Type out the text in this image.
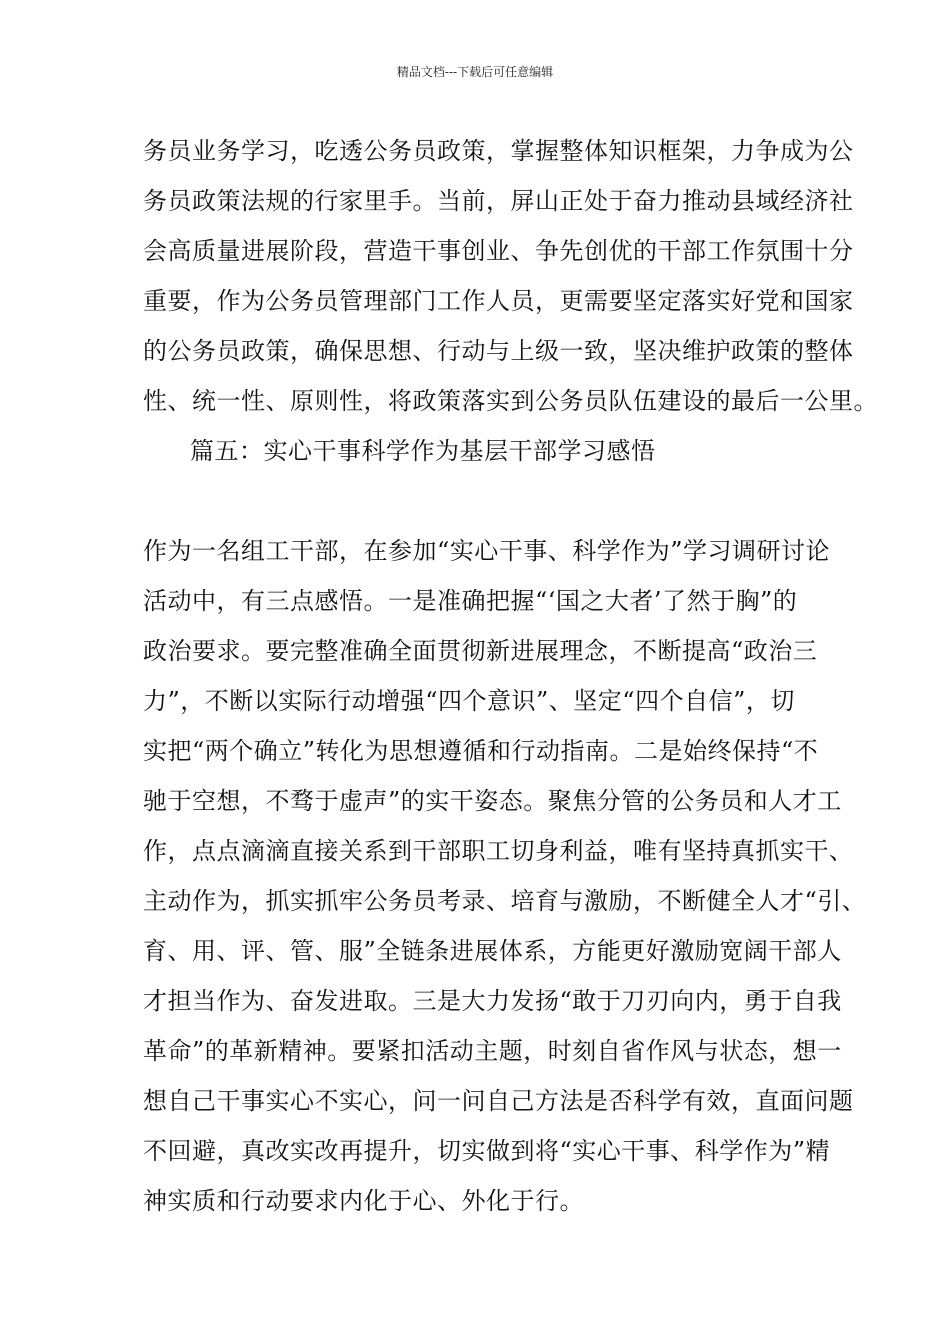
精品文档---下载后可任意编辑
务员业务学习，吃透公务员政策，掌握整体知识框架，力争成为公
务员政策法规的行家里手。当前，屏山正处于奋力推动县域经济社
会高质量进展阶段，营造干事创业、争先创优的干部工作氛围十分
重要，作为公务员管理部门工作人员，更需要坚定落实好党和国家
的公务员政策，确保思想、行动与上级一致，坚决维护政策的整体
性、统一性、原则性，将政策落实到公务员队伍建设的最后一公里。
篇五：实心干事科学作为基层干部学习感悟
作为一名组工干部，在参加“实心干事、科学作为”学习调研讨论
活动中，有三点感悟。一是准确把握“‘国之大者’了然于胸”的
政治要求。要完整准确全面贯彻新进展理念，不断提高“政治三
力”，不断以实际行动增强“四个意识”、坚定“四个自信”，切
实把“两个确立”转化为思想遵循和行动指南。二是始终保持“不
驰于空想，不骛于虚声”的实干姿态。聚焦分管的公务员和人才工
作，点点滴滴直接关系到干部职工切身利益，唯有坚持真抓实干、
主动作为，抓实抓牢公务员考录、培育与激励，不断健全人才“引、
育、用、评、管、服”全链条进展体系，方能更好激励宽阔干部人
才担当作为、奋发进取。三是大力发扬“敢于刀刃向内，勇于自我
革命”的革新精神。要紧扣活动主题，时刻自省作风与状态，想一
想自己干事实心不实心，问一问自己方法是否科学有效，直面问题
不回避，真改实改再提升，切实做到将“实心干事、科学作为”精
神实质和行动要求内化于心、外化于行。
